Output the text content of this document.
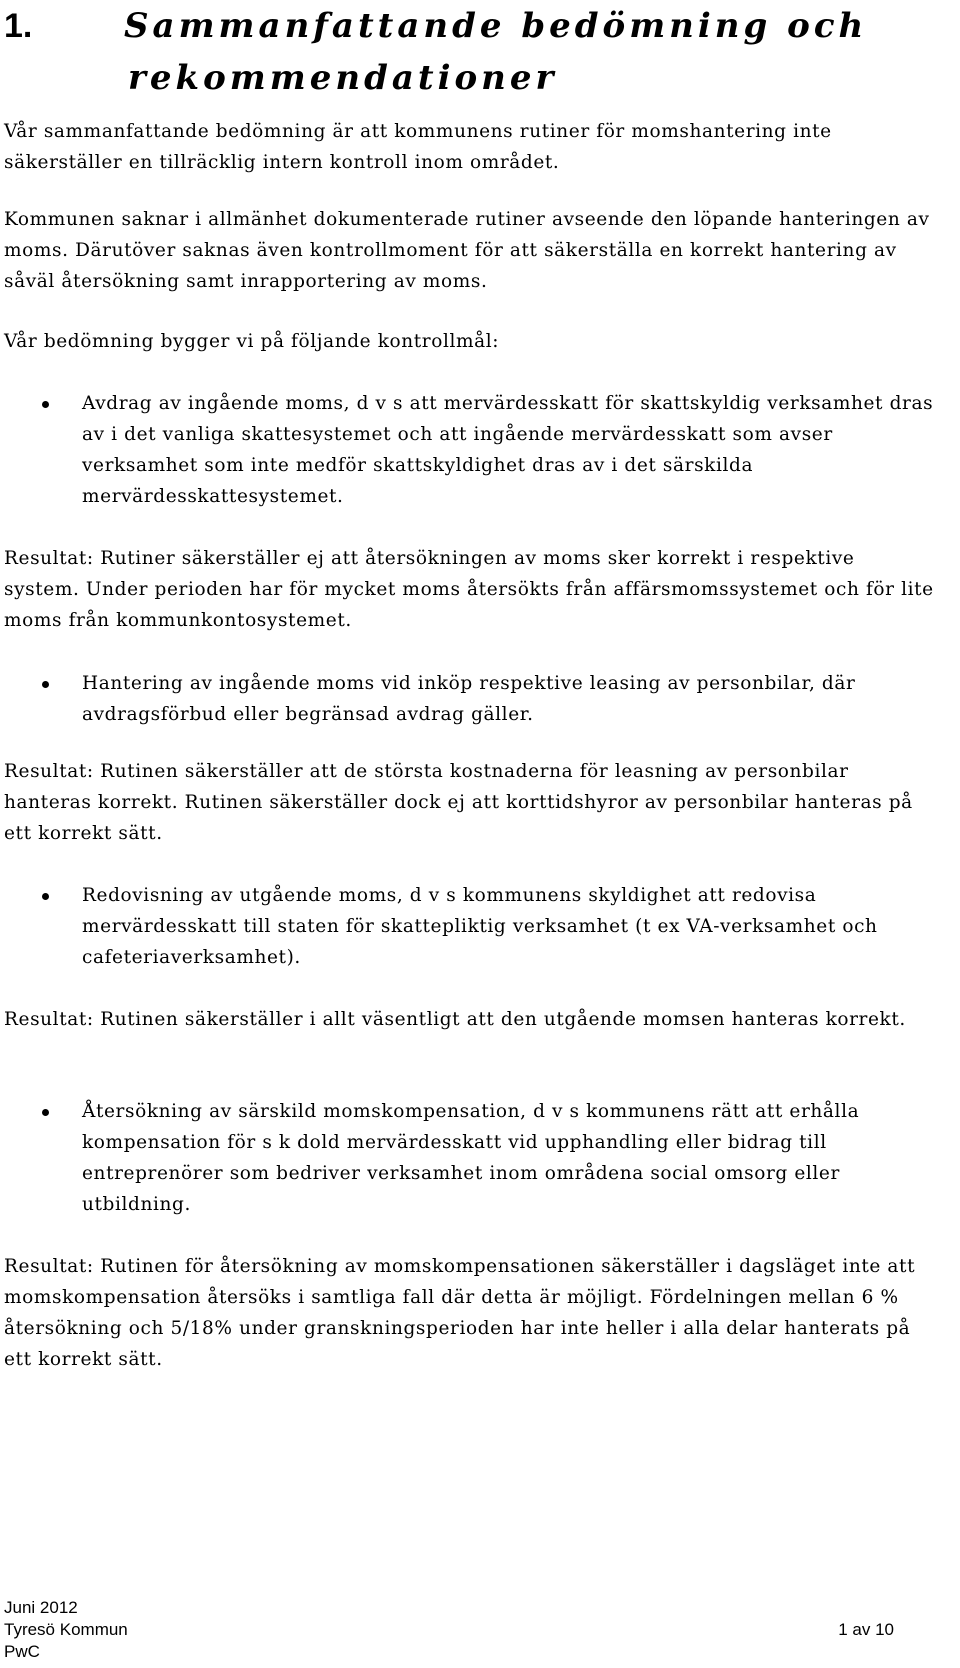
1.	Sammanfattande bedömning och
rekommendationer

Vår sammanfattande bedömning är att kommunens rutiner för momshantering inte säkerställer en tillräcklig intern kontroll inom området.

Kommunen saknar i allmänhet dokumenterade rutiner avseende den löpande hanteringen av moms. Därutöver saknas även kontrollmoment för att säkerställa en korrekt hantering av såväl återsökning samt inrapportering av moms.

Vår bedömning bygger vi på följande kontrollmål:

Avdrag av ingående moms, d v s att mervärdesskatt för skattskyldig verksamhet dras av i det vanliga skattesystemet och att ingående mervärdesskatt som avser verksamhet som inte medför skattskyldighet dras av i det särskilda mervärdesskattesystemet.

Resultat: Rutiner säkerställer ej att återsökningen av moms sker korrekt i respektive system. Under perioden har för mycket moms återsökts från affärsmomssystemet och för lite moms från kommunkontosystemet.

Hantering av ingående moms vid inköp respektive leasing av personbilar, där avdragsförbud eller begränsad avdrag gäller.

Resultat: Rutinen säkerställer att de största kostnaderna för leasning av personbilar hanteras korrekt. Rutinen säkerställer dock ej att korttidshyror av personbilar hanteras på ett korrekt sätt.

Redovisning av utgående moms, d v s kommunens skyldighet att redovisa mervärdesskatt till staten för skattepliktig verksamhet (t ex VA-verksamhet och cafeteriaverksamhet).

Resultat: Rutinen säkerställer i allt väsentligt att den utgående momsen hanteras korrekt.

Återsökning av särskild momskompensation, d v s kommunens rätt att erhålla kompensation för s k dold mervärdesskatt vid upphandling eller bidrag till entreprenörer som bedriver verksamhet inom områdena social omsorg eller utbildning.

Resultat: Rutinen för återsökning av momskompensationen säkerställer i dagsläget inte att momskompensation återsöks i samtliga fall där detta är möjligt. Fördelningen mellan 6 % återsökning och 5/18% under granskningsperioden har inte heller i alla delar hanterats på ett korrekt sätt.

Juni 2012
Tyresö Kommun	1 av 10
PwC
